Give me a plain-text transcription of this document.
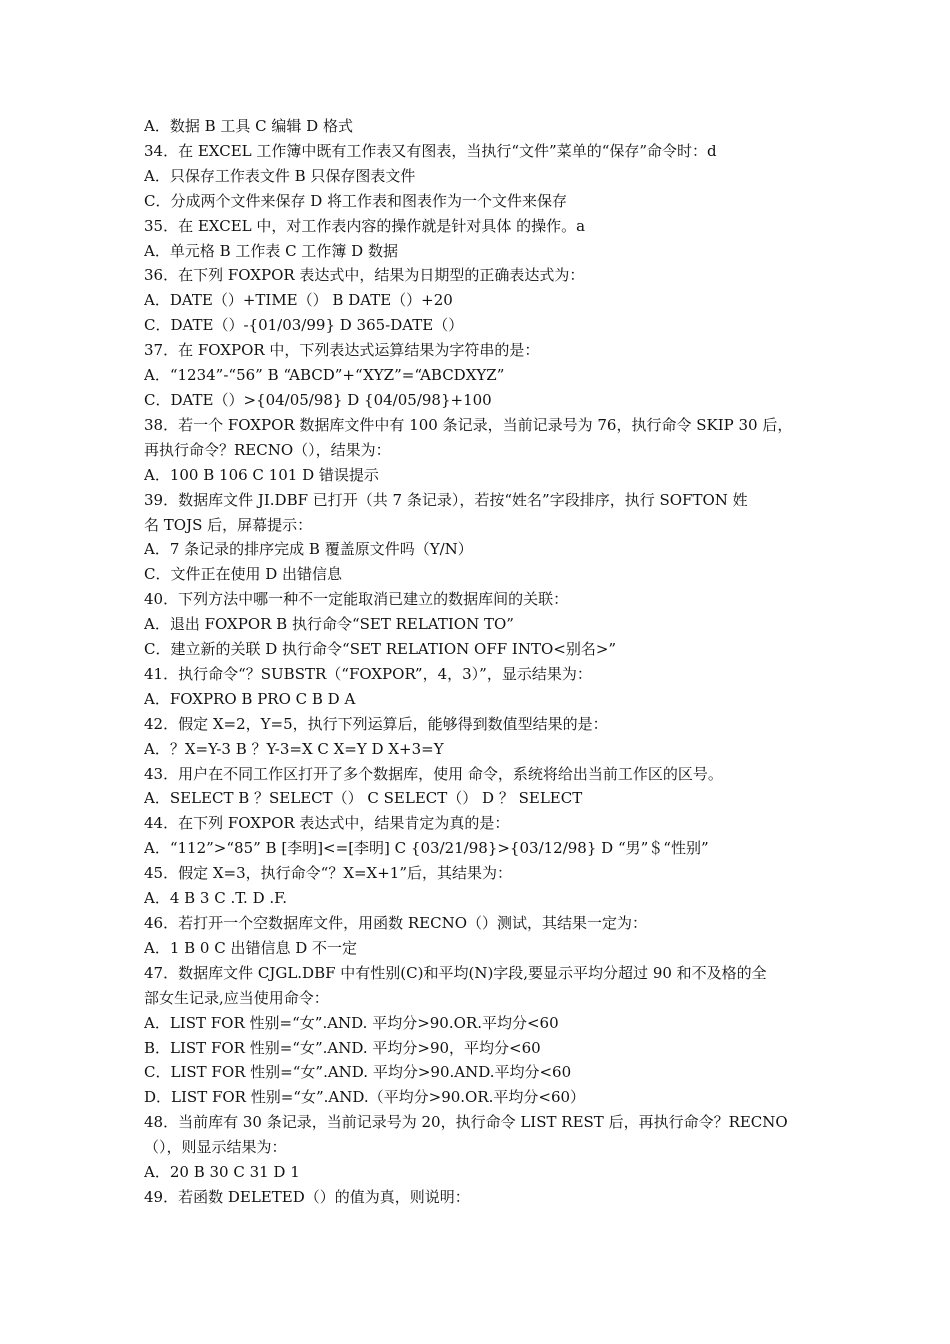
A．数据 B 工具 C 编辑 D 格式
34．在 EXCEL 工作簿中既有工作表又有图表，当执行“文件”菜单的“保存”命令时：d
A．只保存工作表文件 B 只保存图表文件
C．分成两个文件来保存 D 将工作表和图表作为一个文件来保存
35．在 EXCEL 中，对工作表内容的操作就是针对具体 的操作。a
A．单元格 B 工作表 C 工作簿 D 数据
36．在下列 FOXPOR 表达式中，结果为日期型的正确表达式为：
A．DATE（）+TIME（） B DATE（）+20
C．DATE（）-{01/03/99} D 365-DATE（）
37．在 FOXPOR 中，下列表达式运算结果为字符串的是：
A．“1234”-“56” B “ABCD”+“XYZ”=“ABCDXYZ”
C．DATE（）>{04/05/98} D {04/05/98}+100
38．若一个 FOXPOR 数据库文件中有 100 条记录，当前记录号为 76，执行命令 SKIP 30 后，
再执行命令？RECNO（），结果为：
A．100 B 106 C 101 D 错误提示
39．数据库文件 JI.DBF 已打开（共 7 条记录），若按“姓名”字段排序，执行 SOFTON 姓
名 TOJS 后，屏幕提示：
A．7 条记录的排序完成 B 覆盖原文件吗（Y/N）
C．文件正在使用 D 出错信息
40．下列方法中哪一种不一定能取消已建立的数据库间的关联：
A．退出 FOXPOR B 执行命令“SET RELATION TO”
C．建立新的关联 D 执行命令“SET RELATION OFF INTO<别名>”
41．执行命令“？SUBSTR（“FOXPOR”，4，3）”，显示结果为：
A．FOXPRO B PRO C B D A
42．假定 X=2，Y=5，执行下列运算后，能够得到数值型结果的是：
A．？X=Y-3 B ？Y-3=X C X=Y D X+3=Y
43．用户在不同工作区打开了多个数据库，使用 命令，系统将给出当前工作区的区号。
A．SELECT B ？SELECT（） C SELECT（） D ？ SELECT
44．在下列 FOXPOR 表达式中，结果肯定为真的是：
A．“112”>“85” B [李明]<=[李明] C {03/21/98}>{03/12/98} D “男”＄“性别”
45．假定 X=3，执行命令“？X=X+1”后，其结果为：
A．4 B 3 C .T. D .F.
46．若打开一个空数据库文件，用函数 RECNO（）测试，其结果一定为：
A．1 B 0 C 出错信息 D 不一定
47．数据库文件 CJGL.DBF 中有性别(C)和平均(N)字段,要显示平均分超过 90 和不及格的全
部女生记录,应当使用命令：
A．LIST FOR 性别=“女”.AND. 平均分>90.OR.平均分<60
B．LIST FOR 性别=“女”.AND. 平均分>90，平均分<60
C．LIST FOR 性别=“女”.AND. 平均分>90.AND.平均分<60
D．LIST FOR 性别=“女”.AND.（平均分>90.OR.平均分<60）
48．当前库有 30 条记录，当前记录号为 20，执行命令 LIST REST 后，再执行命令？RECNO
（），则显示结果为：
A．20 B 30 C 31 D 1
49．若函数 DELETED（）的值为真，则说明：
